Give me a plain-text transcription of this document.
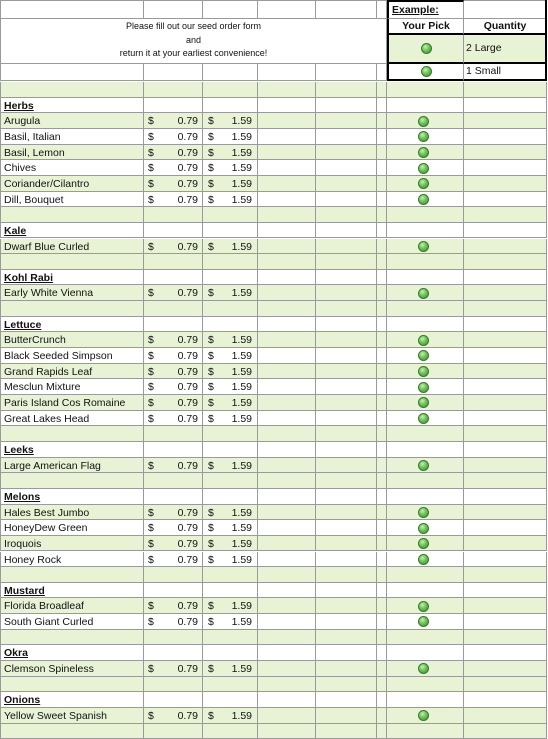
Example:
Please fill out our seed order form
and
return it at your earliest convenience!
Your Pick	Quantity
2 Large
1 Small
Herbs
Arugula	$	0.79 $	1.59
Basil, Italian	$	0.79 $	1.59
Basil, Lemon	$	0.79 $	1.59
Chives	$	0.79 $	1.59
Coriander/Cilantro	$	0.79 $	1.59
Dill, Bouquet	$	0.79 $	1.59
Kale
Dwarf Blue Curled	$	0.79 $	1.59
Kohl Rabi
Early White Vienna	$	0.79 $	1.59
Lettuce
ButterCrunch	$	0.79 $	1.59
Black Seeded Simpson	$	0.79 $	1.59
Grand Rapids Leaf	$	0.79 $	1.59
Mesclun Mixture	$	0.79 $	1.59
Paris Island Cos Romaine $	0.79 $	1.59
Great Lakes Head	$	0.79 $	1.59
Leeks
Large American Flag	$	0.79 $	1.59
Melons
Hales Best Jumbo	$	0.79 $	1.59
HoneyDew Green	$	0.79 $	1.59
Iroquois	$	0.79 $	1.59
Honey Rock	$	0.79 $	1.59
Mustard
Florida Broadleaf	$	0.79 $	1.59
South Giant Curled	$	0.79 $	1.59
Okra
Clemson Spineless	$	0.79 $	1.59
Onions
Yellow Sweet Spanish	$	0.79 $	1.59
